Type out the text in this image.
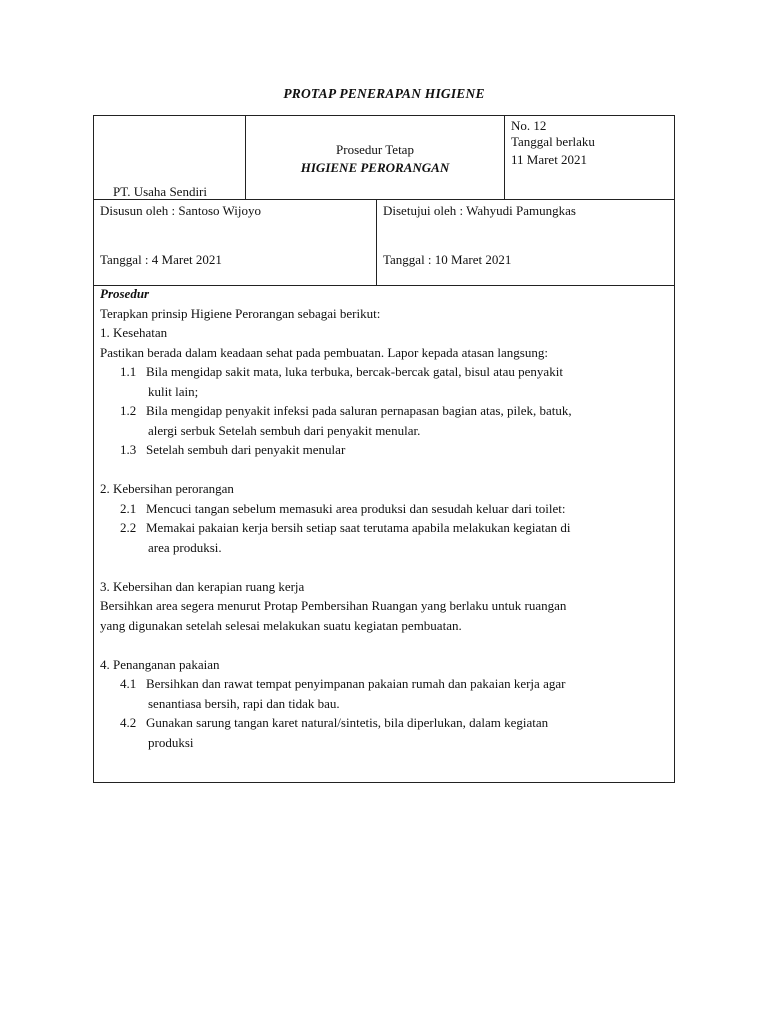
PROTAP PENERAPAN HIGIENE
PT. Usaha Sendiri
Prosedur Tetap
HIGIENE PERORANGAN
No. 12
Tanggal berlaku
11 Maret 2021
Disusun oleh : Santoso Wijoyo
Tanggal : 4 Maret 2021
Disetujui oleh : Wahyudi Pamungkas
Tanggal : 10 Maret 2021
Prosedur
Terapkan prinsip Higiene Perorangan sebagai berikut:
1. Kesehatan
Pastikan berada dalam keadaan sehat pada pembuatan. Lapor kepada atasan langsung:
1.1 Bila mengidap sakit mata, luka terbuka, bercak-bercak gatal, bisul atau penyakit
kulit lain;
1.2 Bila mengidap penyakit infeksi pada saluran pernapasan bagian atas, pilek, batuk,
alergi serbuk Setelah sembuh dari penyakit menular.
1.3 Setelah sembuh dari penyakit menular
2. Kebersihan perorangan
2.1 Mencuci tangan sebelum memasuki area produksi dan sesudah keluar dari toilet:
2.2 Memakai pakaian kerja bersih setiap saat terutama apabila melakukan kegiatan di
area produksi.
3. Kebersihan dan kerapian ruang kerja
Bersihkan area segera menurut Protap Pembersihan Ruangan yang berlaku untuk ruangan
yang digunakan setelah selesai melakukan suatu kegiatan pembuatan.
4. Penanganan pakaian
4.1 Bersihkan dan rawat tempat penyimpanan pakaian rumah dan pakaian kerja agar
senantiasa bersih, rapi dan tidak bau.
4.2 Gunakan sarung tangan karet natural/sintetis, bila diperlukan, dalam kegiatan
produksi
